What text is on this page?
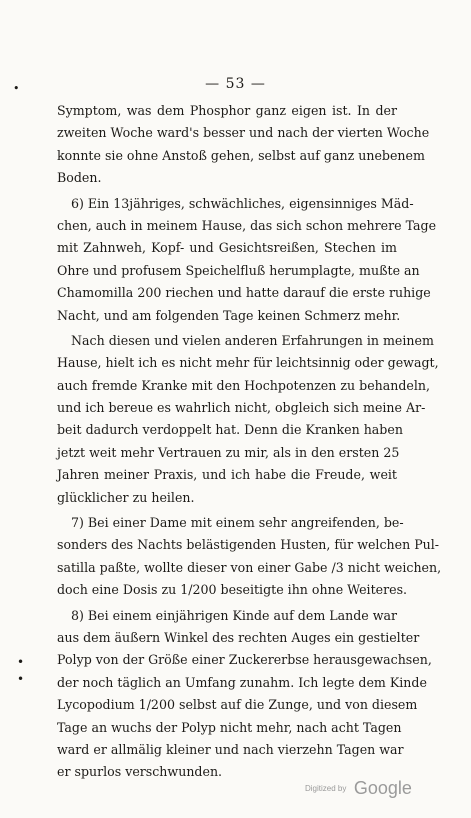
•	— 53 —
Symptom, was dem Phosphor ganz eigen ist. In der
zweiten Woche ward's besser und nach der vierten Woche
konnte sie ohne Anstoß gehen, selbst auf ganz unebenem
Boden.
6) Ein 13jähriges, schwächliches, eigensinniges Mäd-
chen, auch in meinem Hause, das sich schon mehrere Tage
mit Zahnweh, Kopf- und Gesichtsreißen, Stechen im
Ohre und profusem Speichelfluß herumplagte, mußte an
Chamomilla 200 riechen und hatte darauf die erste ruhige
Nacht, und am folgenden Tage keinen Schmerz mehr.
Nach diesen und vielen anderen Erfahrungen in meinem
Hause, hielt ich es nicht mehr für leichtsinnig oder gewagt,
auch fremde Kranke mit den Hochpotenzen zu behandeln,
und ich bereue es wahrlich nicht, obgleich sich meine Ar-
beit dadurch verdoppelt hat. Denn die Kranken haben
jetzt weit mehr Vertrauen zu mir, als in den ersten 25
Jahren meiner Praxis, und ich habe die Freude, weit
glücklicher zu heilen.
7) Bei einer Dame mit einem sehr angreifenden, be-
sonders des Nachts belästigenden Husten, für welchen Pul-
satilla paßte, wollte dieser von einer Gabe /3 nicht weichen,
doch eine Dosis zu 1/200 beseitigte ihn ohne Weiteres.
8) Bei einem einjährigen Kinde auf dem Lande war
aus dem äußern Winkel des rechten Auges ein gestielter
Polyp von der Größe einer Zuckererbse herausgewachsen,
der noch täglich an Umfang zunahm. Ich legte dem Kinde
Lycopodium 1/200 selbst auf die Zunge, und von diesem
Tage an wuchs der Polyp nicht mehr, nach acht Tagen
ward er allmälig kleiner und nach vierzehn Tagen war
er spurlos verschwunden.
•
•
Digitized by Google
